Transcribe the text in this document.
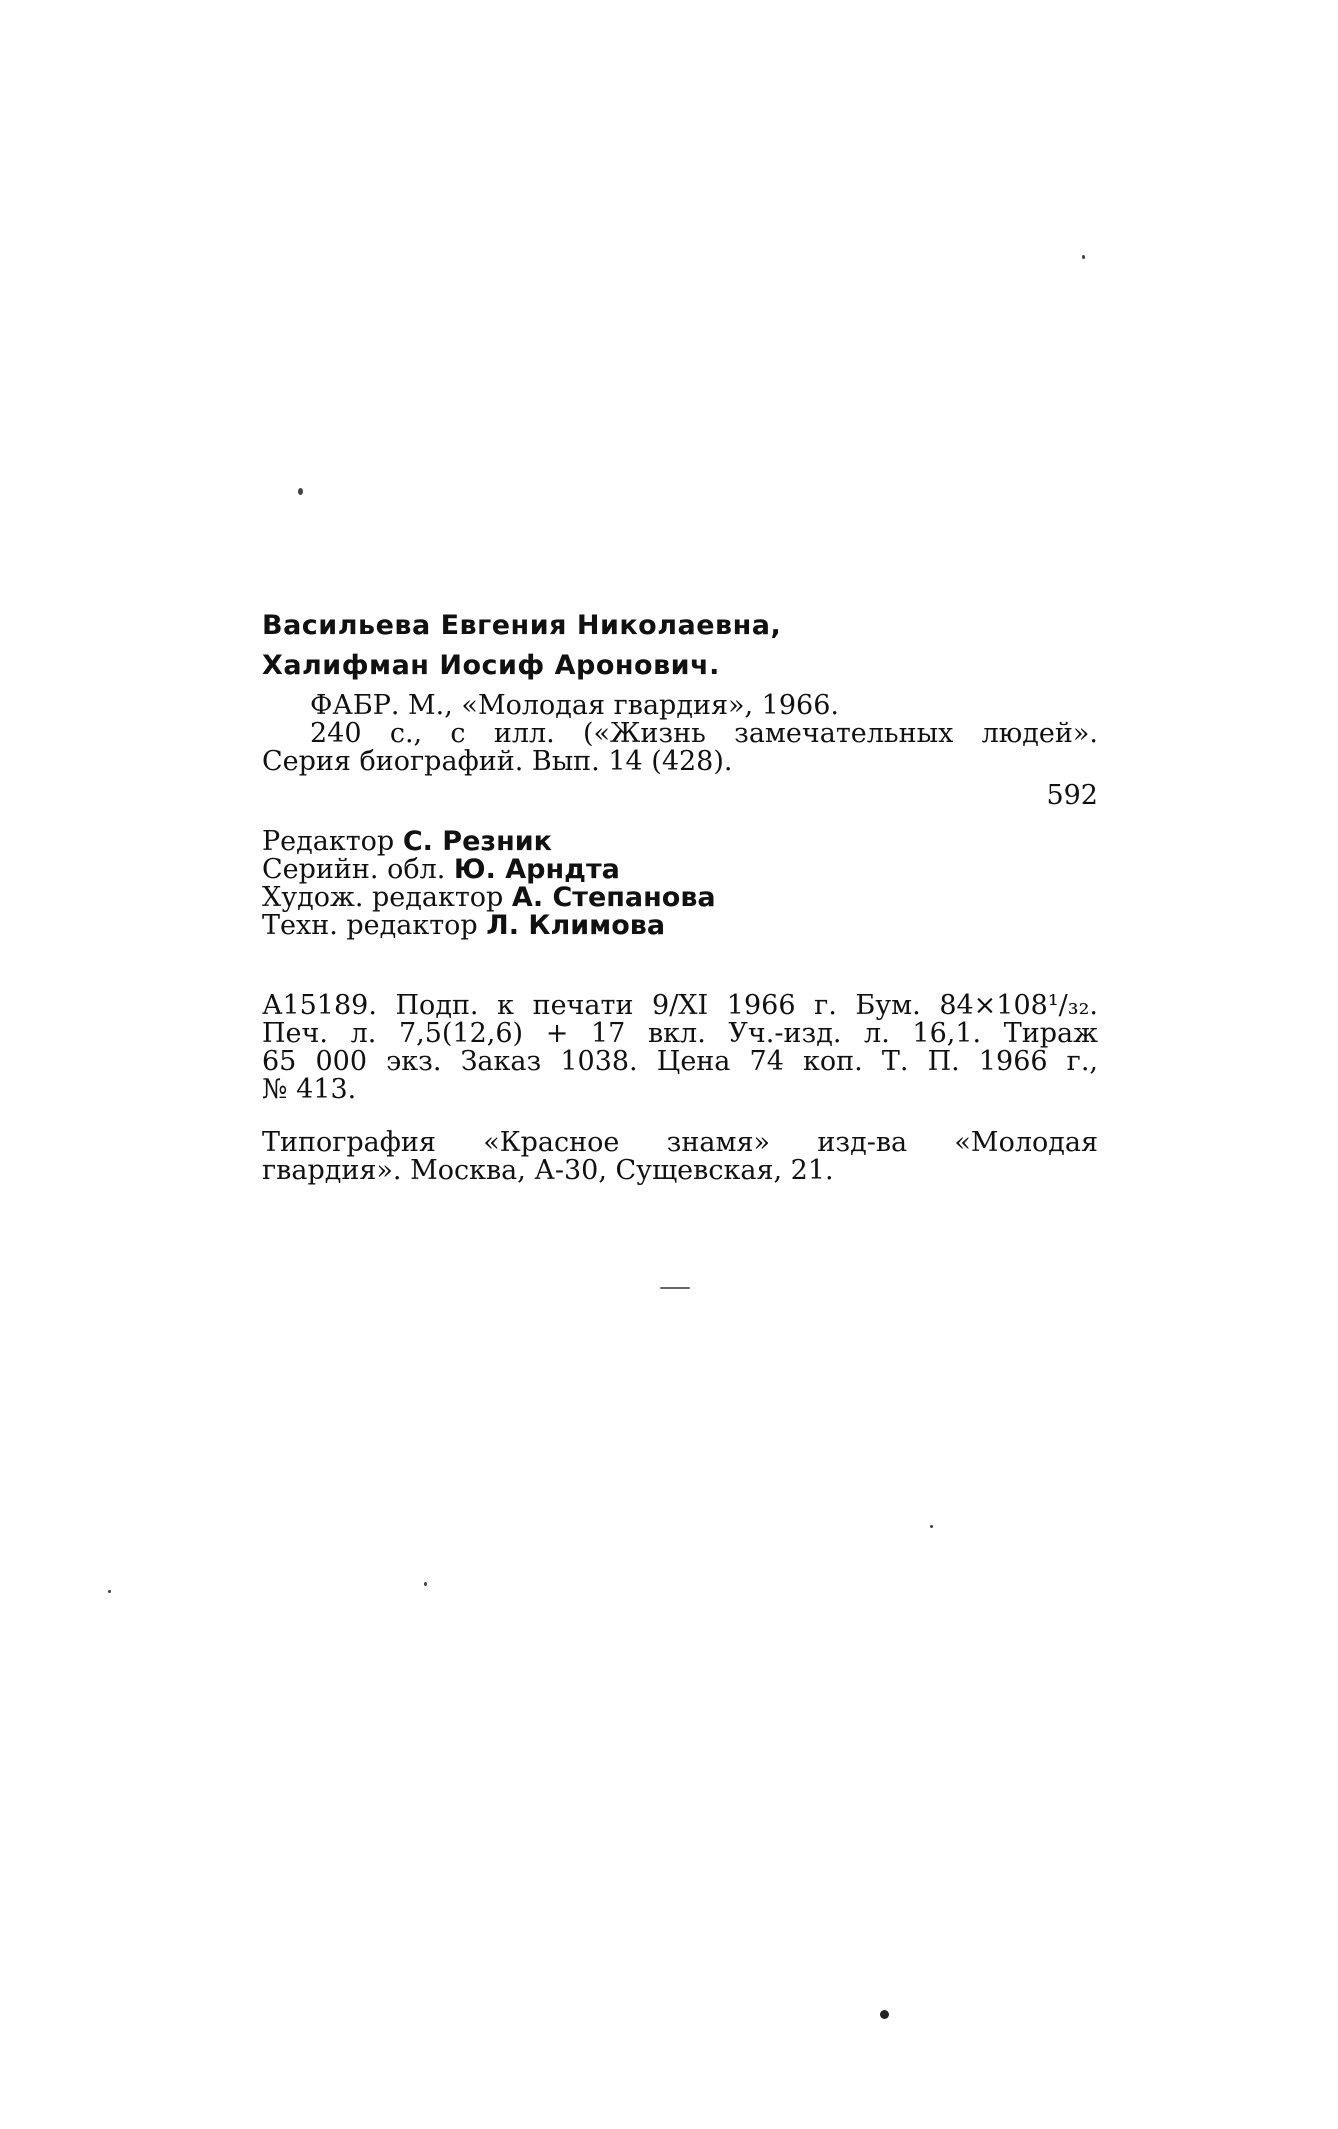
Васильева Евгения Николаевна,
Халифман Иосиф Аронович.
ФАБР. М., «Молодая гвардия», 1966.
240 с., с илл. («Жизнь замечательных людей».
Серия биографий. Вып. 14 (428).
592
Редактор С. Резник
Серийн. обл. Ю. Арндта
Худож. редактор А. Степанова
Техн. редактор Л. Климова
А15189. Подп. к печати 9/XI 1966 г. Бум. 84×108¹/₃₂.
Печ. л. 7,5(12,6) + 17 вкл. Уч.-изд. л. 16,1. Тираж
65 000 экз. Заказ 1038. Цена 74 коп. Т. П. 1966 г.,
№ 413.
Типография «Красное знамя» изд-ва «Молодая
гвардия». Москва, А-30, Сущевская, 21.
